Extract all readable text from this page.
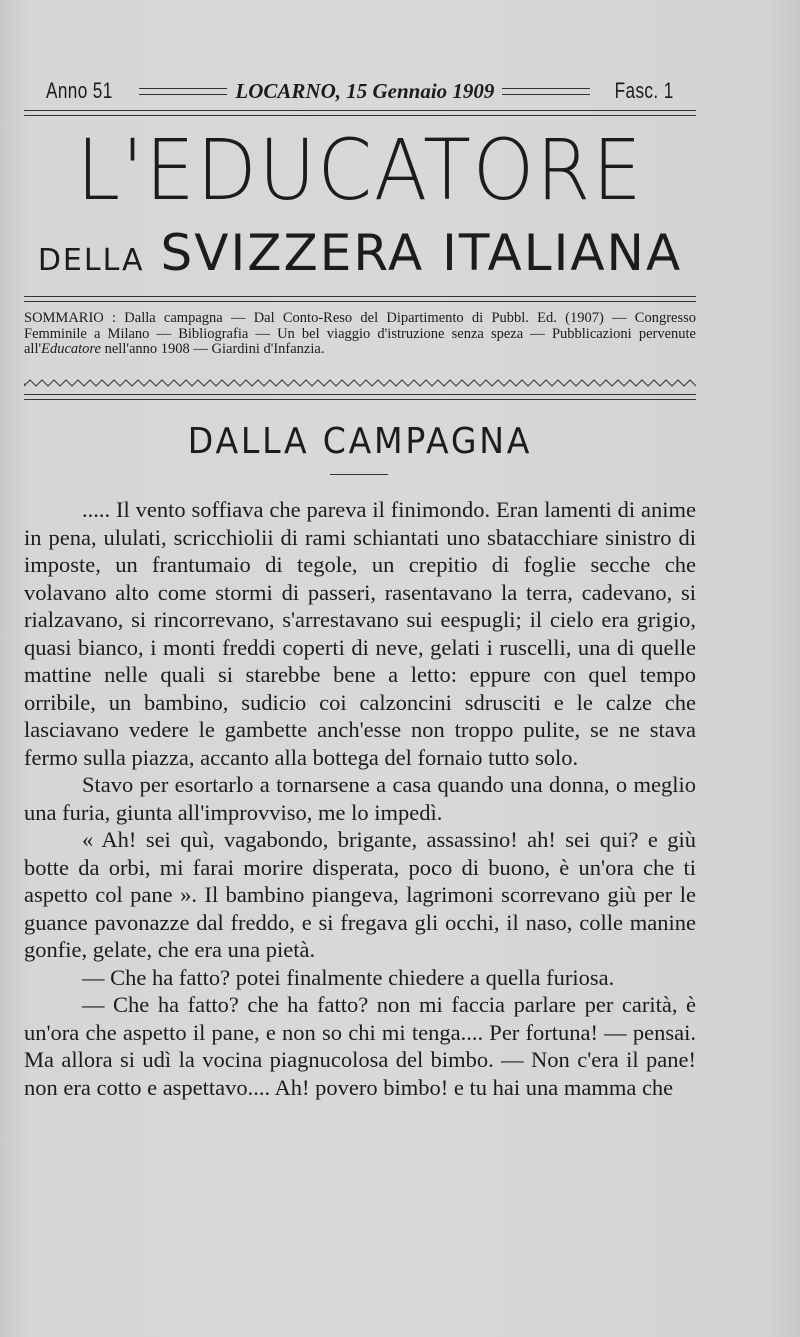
Anno 51	LOCARNO, 15 Gennaio 1909	Fasc. 1
L'EDUCATORE
DELLA SVIZZERA ITALIANA
SOMMARIO : Dalla campagna — Dal Conto-Reso del Dipartimento di Pubbl. Ed. (1907) — Congresso Femminile a Milano — Bibliografia — Un bel viaggio d'istruzione senza speza — Pubblicazioni pervenute all'Educatore nell'anno 1908 — Giardini d'Infanzia.
DALLA CAMPAGNA

..... Il vento soffiava che pareva il finimondo. Eran lamenti di anime in pena, ululati, scricchiolii di rami schiantati uno sbatacchiare sinistro di imposte, un frantumaio di tegole, un crepitio di foglie secche che volavano alto come stormi di passeri, rasentavano la terra, cadevano, si rialzavano, si rincorrevano, s'arrestavano sui eespugli; il cielo era grigio, quasi bianco, i monti freddi coperti di neve, gelati i ruscelli, una di quelle mattine nelle quali si starebbe bene a letto: eppure con quel tempo orribile, un bambino, sudicio coi calzoncini sdrusciti e le calze che lasciavano vedere le gambette anch'esse non troppo pulite, se ne stava fermo sulla piazza, accanto alla bottega del fornaio tutto solo.

Stavo per esortarlo a tornarsene a casa quando una donna, o meglio una furia, giunta all'improvviso, me lo impedì.

« Ah! sei quì, vagabondo, brigante, assassino! ah! sei qui? e giù botte da orbi, mi farai morire disperata, poco di buono, è un'ora che ti aspetto col pane ». Il bambino piangeva, lagrimoni scorrevano giù per le guance pavonazze dal freddo, e si fregava gli occhi, il naso, colle manine gonfie, gelate, che era una pietà.

— Che ha fatto? potei finalmente chiedere a quella furiosa.

— Che ha fatto? che ha fatto? non mi faccia parlare per carità, è un'ora che aspetto il pane, e non so chi mi tenga.... Per fortuna! — pensai. Ma allora si udì la vocina piagnucolosa del bimbo. — Non c'era il pane! non era cotto e aspettavo.... Ah! povero bimbo! e tu hai una mamma che
